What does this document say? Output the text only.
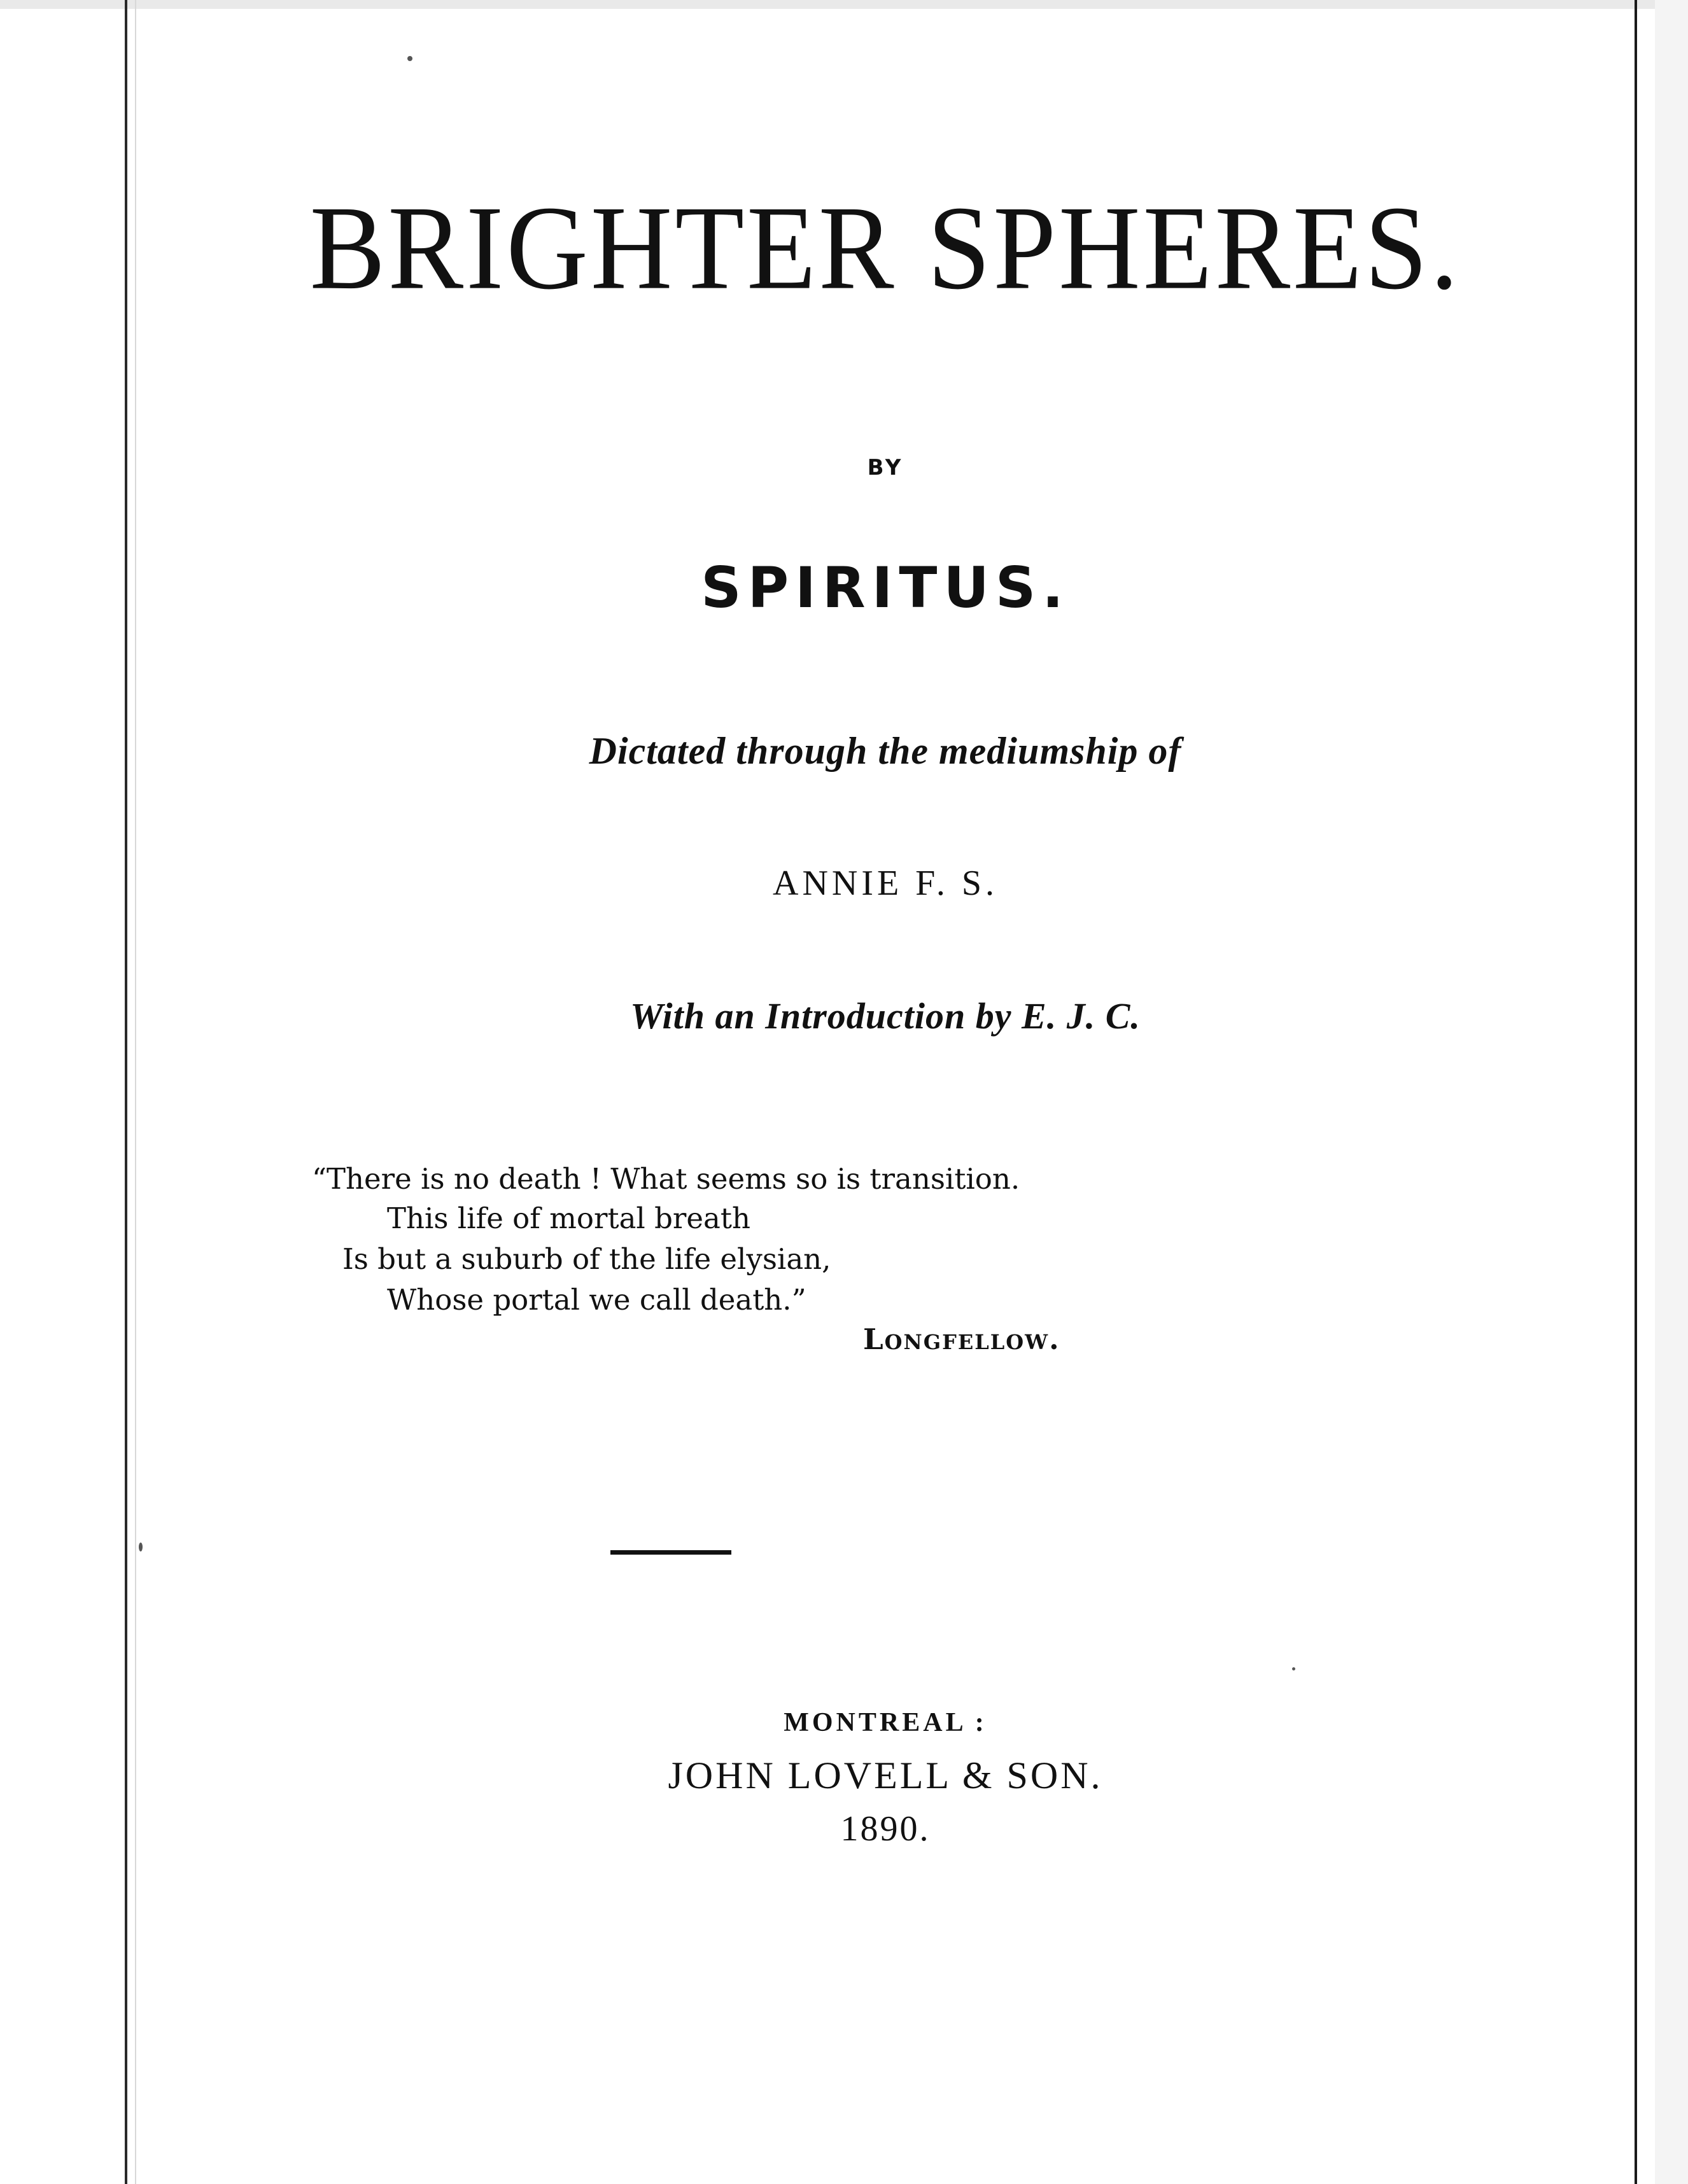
BRIGHTER SPHERES.
BY
SPIRITUS.
Dictated through the mediumship of
ANNIE F. S.
With an Introduction by E. J. C.
“There is no death ! What seems so is transition.
This life of mortal breath
Is but a suburb of the life elysian,
Whose portal we call death.”
Longfellow.
MONTREAL :
JOHN LOVELL & SON.
1890.
